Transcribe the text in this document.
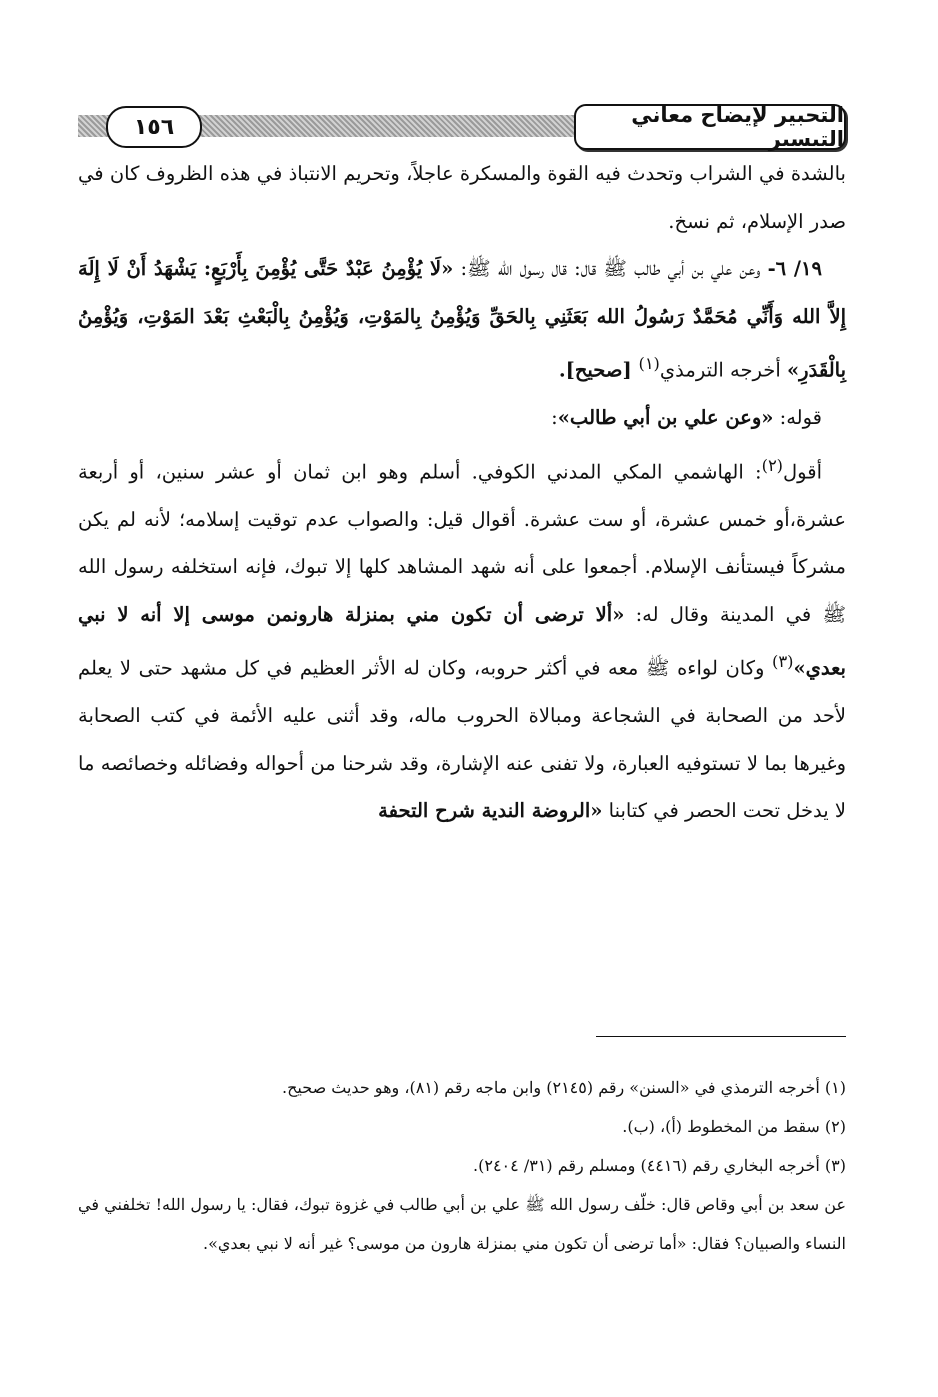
التحبير لإيضاح معاني التيسير
١٥٦

بالشدة في الشراب وتحدث فيه القوة والمسكرة عاجلاً، وتحريم الانتباذ في هذه الظروف كان في صدر الإسلام، ثم نسخ.

١٩/ ٦- وعن علي بن أبي طالب ﷺ قال: قال رسول الله ﷺ: «لَا يُؤْمِنُ عَبْدٌ حَتَّى يُؤْمِنَ بِأَرْبَعٍ: يَشْهَدُ أَنْ لَا إِلَهَ إِلاَّ الله وَأَنِّي مُحَمَّدٌ رَسُولُ الله بَعَثَنِي بِالحَقِّ وَيُؤْمِنُ بِالمَوْتِ، وَيُؤْمِنُ بِالْبَعْثِ بَعْدَ المَوْتِ، وَيُؤْمِنُ بِالْقَدَرِ» أخرجه الترمذي$^{(١)}$ [صحيح].

قوله: «وعن علي بن أبي طالب»:

أقول$^{(٢)}$: الهاشمي المكي المدني الكوفي. أسلم وهو ابن ثمان أو عشر سنين، أو أربعة عشرة،أو خمس عشرة، أو ست عشرة. أقوال قيل: والصواب عدم توقيت إسلامه؛ لأنه لم يكن مشركاً فيستأنف الإسلام. أجمعوا على أنه شهد المشاهد كلها إلا تبوك، فإنه استخلفه رسول الله ﷺ في المدينة وقال له: «ألا ترضى أن تكون مني بمنزلة هارونمن موسى إلا أنه لا نبي بعدي»$^{(٣)}$ وكان لواءه ﷺ معه في أكثر حروبه، وكان له الأثر العظيم في كل مشهد حتى لا يعلم لأحد من الصحابة في الشجاعة ومبالاة الحروب ماله، وقد أثنى عليه الأئمة في كتب الصحابة وغيرها بما لا تستوفيه العبارة، ولا تفنى عنه الإشارة، وقد شرحنا من أحواله وفضائله وخصائصه ما لا يدخل تحت الحصر في كتابنا «الروضة الندية شرح التحفة

(١) أخرجه الترمذي في «السنن» رقم (٢١٤٥) وابن ماجه رقم (٨١)، وهو حديث صحيح.

(٢) سقط من المخطوط (أ)، (ب).

(٣) أخرجه البخاري رقم (٤٤١٦) ومسلم رقم (٣١/ ٢٤٠٤).

عن سعد بن أبي وقاص قال: خلّف رسول الله ﷺ علي بن أبي طالب في غزوة تبوك، فقال: يا رسول الله! تخلفني في النساء والصبيان؟ فقال: «أما ترضى أن تكون مني بمنزلة هارون من موسى؟ غير أنه لا نبي بعدي».
